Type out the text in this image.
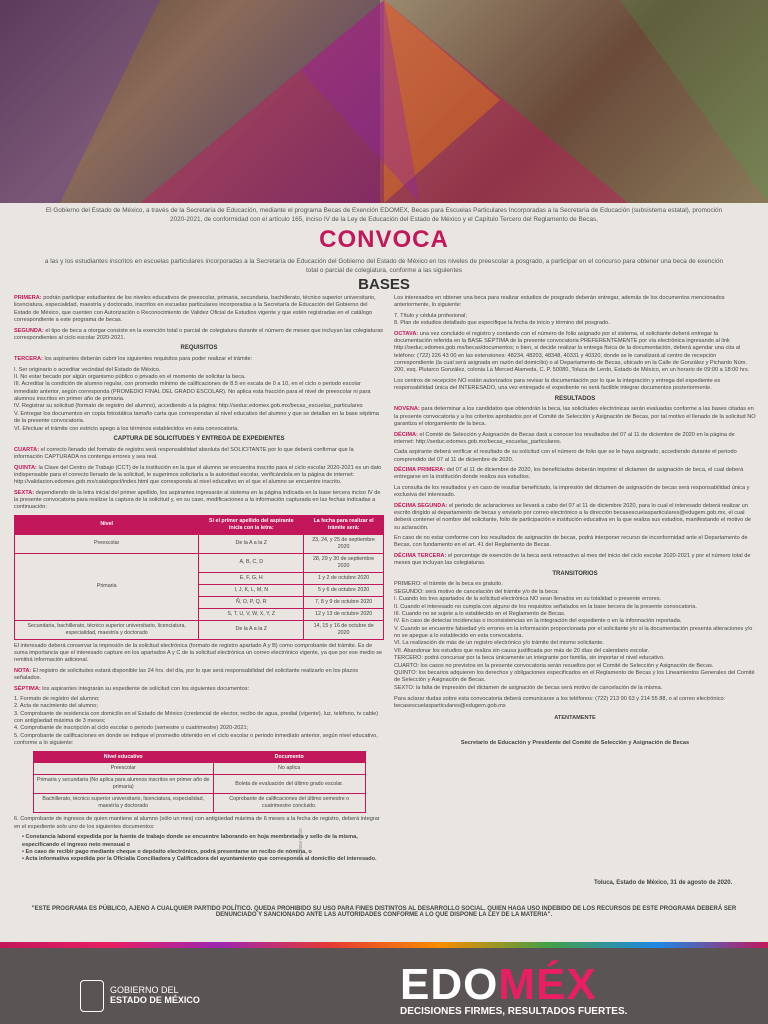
El Gobierno del Estado de México, a través de la Secretaría de Educación, mediante el programa Becas de Exención EDOMEX, Becas para Escuelas Particulares Incorporadas a la Secretaría de Educación (subsistema estatal), promoción 2020-2021, de conformidad con el artículo 165, inciso IV de la Ley de Educación del Estado de México y el Capítulo Tercero del Reglamento de Becas,
CONVOCA
a las y los estudiantes inscritos en escuelas particulares incorporadas a la Secretaría de Educación del Gobierno del Estado de México en los niveles de preescolar a posgrado, a participar en el concurso para obtener una beca de exención total o parcial de colegiatura, conforme a las siguientes
BASES

PRIMERA: podrán participar estudiantes de los niveles educativos de preescolar, primaria, secundaria, bachillerato, técnico superior universitario, licenciatura, especialidad, maestría y doctorado, inscritos en escuelas particulares incorporadas a la Secretaría de Educación del Gobierno del Estado de México, que cuenten con Autorización o Reconocimiento de Validez Oficial de Estudios vigente y que estén registradas en el catálogo correspondiente a este programa de becas.

SEGUNDA: el tipo de beca a otorgar consiste en la exención total o parcial de colegiatura durante el número de meses que incluyan las colegiaturas correspondientes al ciclo escolar 2020-2021.

REQUISITOS

TERCERA: los aspirantes deberán cubrir los siguientes requisitos para poder realizar el trámite:

I. Ser originario o acreditar vecindad del Estado de México.
II. No estar becado por algún organismo público o privado en el momento de solicitar la beca.
III. Acreditar la condición de alumno regular, con promedio mínimo de calificaciones de 8.5 en escala de 0 a 10, en el ciclo o periodo escolar inmediato anterior, según corresponda (PROMEDIO FINAL DEL GRADO ESCOLAR). No aplica esta fracción para el nivel de preescolar ni para alumnos inscritos en primer año de primaria.
IV. Registrar su solicitud (formato de registro del alumno), accediendo a la página: http://seduc.edomex.gob.mx/becas_escuelas_particulares
V. Entregar los documentos en copia fotostática tamaño carta que correspondan al nivel educativo del alumno y que se detallan en la base séptima de la presente convocatoria.
VI. Efectuar el trámite con estricto apego a los términos establecidos en esta convocatoria.
CAPTURA DE SOLICITUDES Y ENTREGA DE EXPEDIENTES

CUARTA: el correcto llenado del formato de registro será responsabilidad absoluta del SOLICITANTE por lo que deberá confirmar que la información CAPTURADA no contenga errores y sea real.

QUINTA: la Clave del Centro de Trabajo (CCT) de la institución en la que el alumno se encuentra inscrito para el ciclo escolar 2020-2021 es un dato indispensable para el correcto llenado de la solicitud, le sugerimos solicitarla a la autoridad escolar, verificándola en la página de internet: http://validacion.edomex.gob.mx/catalogoct/index.html que corresponda al nivel educativo en el que el alumno se encuentre inscrito.

SEXTA: dependiendo de la letra inicial del primer apellido, los aspirantes ingresarán al sistema en la página indicada en la base tercera inciso IV de la presente convocatoria para realizar la captura de la solicitud y, en su caso, modificaciones a la información capturada en las fechas indicadas a continuación:

Nivel	Si el primer apellido del aspirante inicia con la letra:	La fecha para realizar el trámite será:
Preescolar	De la A a la Z	23, 24, y 25 de septiembre 2020
Primaria	A, B, C, D	28, 29 y 30 de septiembre 2020
	E, F, G, H	1 y 2 de octubre 2020
	I, J, K, L, M, N	5 y 6 de octubre 2020
	Ñ, O, P, Q, R	7, 8 y 9 de octubre 2020
	S, T, U, V, W, X, Y, Z	12 y 13 de octubre 2020
Secundaria, bachillerato, técnico superior universitario, licenciatura, especialidad, maestría y doctorado	De la A a la Z	14, 15 y 16 de octubre de 2020

El interesado deberá conservar la impresión de la solicitud electrónica (formato de registro apartado A y B) como comprobante del trámite. Es de suma importancia que el interesado capture en los apartados A y C de la solicitud electrónica un correo electrónico vigente, ya que por ese medio se remitirá información adicional.

NOTA: El registro de solicitudes estará disponible las 24 hrs. del día, por lo que será responsabilidad del solicitante realizarlo en los plazos señalados.

SÉPTIMA: los aspirantes integrarán su expediente de solicitud con los siguientes documentos:

1. Formato de registro del alumno;
2. Acta de nacimiento del alumno;
3. Comprobante de residencia con domicilio en el Estado de México (credencial de elector, recibo de agua, predial (vigente), luz, teléfono, tv cable) con antigüedad máxima de 3 meses;
4. Comprobante de inscripción al ciclo escolar o periodo (semestre o cuatrimestre) 2020-2021;
5. Comprobante de calificaciones en donde se indique el promedio obtenido en el ciclo escolar o periodo inmediato anterior, según nivel educativo, conforme a lo siguiente:
Nivel educativo	Documento
Preescolar	No aplica
Primaria y secundaria (No aplica para alumnos inscritos en primer año de primaria)	Boleta de evaluación del último grado escolar.
Bachillerato, técnico superior universitario, licenciatura, especialidad, maestría y doctorado	Coprobante de calificaciones del último semestre o cuatrimestre concluido.

6. Comprobante de ingresos de quien mantiene al alumno (sólo un mes) con antigüedad máxima de 6 meses a la fecha de registro, deberá integrar en el expediente solo uno de los siguientes documentos:

• Constancia laboral expedida por la fuente de trabajo donde se encuentre laborando en hoja membretada y sello de la misma, especificando el ingreso neto mensual o
• En caso de recibir pago mediante cheque o depósito electrónico, podrá presentarse un recibo de nómina, o
• Acta informativa expedida por la Oficialía Conciliadora y Calificadora del ayuntamiento que corresponda al domicilio del interesado.

Los interesados en obtener una beca para realizar estudios de posgrado deberán entregar, además de los documentos mencionados anteriormente, lo siguiente:

7. Título y cédula profesional;

8. Plan de estudios detallado que especifique la fecha de inicio y término del posgrado.

OCTAVA: una vez concluido el registro y contando con el número de folio asignado por el sistema, el solicitante deberá entregar la documentación referida en la BASE SÉPTIMA de la presente convocatoria PREFERENTEMENTE por vía electrónica ingresando al link http://seduc.edomex.gob.mx/becas/documentos; o bien, si decide realizar la entrega física de la documentación, deberá agendar una cita al teléfono: (722) 226 43 00 en las extensiones: 48234, 48203, 48348, 40331 y 40320, donde se le canalizará al centro de recepción correspondiente (la cual será asignada en razón del domicilio) o al Departamento de Becas, ubicado en la Calle de González y Pichardo Núm. 200, esq. Plutarco González, colonia La Merced Alameda, C. P. 50080, Toluca de Lerdo, Estado de México, en un horario de 09:00 a 18:00 hrs.

Los centros de recepción NO están autorizados para revisar la documentación por lo que la integración y entrega del expediente es responsabilidad única del INTERESADO, una vez entregado el expediente no será factible integrar documentos posteriormente.

RESULTADOS

NOVENA: para determinar a los candidatos que obtendrán la beca, las solicitudes electrónicas serán evaluadas conforme a las bases citadas en la presente convocatoria y a los criterios aprobados por el Comité de Selección y Asignación de Becas, por tal motivo el llenado de la solicitud NO garantiza el otorgamiento de la beca.

DÉCIMA: el Comité de Selección y Asignación de Becas dará a conocer los resultados del 07 al 11 de diciembre de 2020 en la página de internet: http://seduc.edomex.gob.mx/becas_escuelas_particulares.

Cada aspirante deberá verificar el resultado de su solicitud con el número de folio que se le haya asignado, accediendo durante el periodo comprendido del 07 al 11 de diciembre de 2020.

DÉCIMA PRIMERA: del 07 al 11 de diciembre de 2020, los beneficiados deberán imprimir el dictamen de asignación de beca, el cual deberá entregarse en la institución donde realiza sus estudios.

La consulta de los resultados y en caso de resultar beneficiado, la impresión del dictamen de asignación de becas será responsabilidad única y exclusiva del interesado.

DÉCIMA SEGUNDA: el periodo de aclaraciones se llevará a cabo del 07 al 11 de diciembre 2020, para lo cual el interesado deberá realizar un escrito dirigido al departamento de becas y enviarlo por correo electrónico a la dirección becasescuelasparticulares@edugem.gob.mx, el cual deberá contener el nombre del solicitante, folio de participación e institución educativa en la que realiza sus estudios, manifestando el motivo de su aclaración.

En caso de no estar conforme con los resultados de asignación de becas, podrá interponer recurso de inconformidad ante el Departamento de Becas, con fundamento en el art. 41 del Reglamento de Becas.

DÉCIMA TERCERA: el porcentaje de exención de la beca será retroactivo al mes del inicio del ciclo escolar 2020-2021 y por el número total de meses que incluyan las colegiaturas.

TRANSITORIOS
PRIMERO: el trámite de la beca es gratuito.
SEGUNDO: será motivo de cancelación del trámite y/o de la beca:
I. Cuando los tres apartados de la solicitud electrónica NO sean llenados en su totalidad o presente errores.
II. Cuando el interesado no cumpla con alguno de los requisitos señalados en la base tercera de la presente convocatoria.
III. Cuando no se sujete a lo establecido en el Reglamento de Becas.
IV. En caso de detectar incidencias o inconsistencias en la integración del expediente o en la información reportada.
V. Cuando se encuentre falsedad y/o errores en la información proporcionada por el solicitante y/o si la documentación presenta alteraciones y/o no se apegue a lo establecido en esta convocatoria.
VI. La realización de más de un registro electrónico y/o trámite del mismo solicitante.
VII. Abandonar los estudios que realiza sin causa justificada por más de 20 días del calendario escolar.
TERCERO: podrá concursar por la beca únicamente un integrante por familia, sin importar el nivel educativo.
CUARTO: los casos no previstos en la presente convocatoria serán resueltos por el Comité de Selección y Asignación de Becas.
QUINTO: los becarios adquieren los derechos y obligaciones especificados en el Reglamento de Becas y los Lineamientos Generales del Comité de Selección y Asignación de Becas.
SEXTO: la falta de impresión del dictamen de asignación de becas será motivo de cancelación de la misma.

Para aclarar dudas sobre esta convocatoria deberá comunicarse a los teléfonos: (722) 213 90 63 y 214 55 88, o al correo electrónico: becasescuelasparticulares@edugem.gob.mx

ATENTAMENTE
Secretario de Educación y Presidente del Comité de Selección y Asignación de Becas
GL 3056 09/20
Toluca, Estado de México, 31 de agosto de 2020.
"ESTE PROGRAMA ES PÚBLICO, AJENO A CUALQUIER PARTIDO POLÍTICO. QUEDA PROHIBIDO SU USO PARA FINES DISTINTOS AL DESARROLLO SOCIAL. QUIEN HAGA USO INDEBIDO DE LOS RECURSOS DE ESTE PROGRAMA DEBERÁ SER DENUNCIADO Y SANCIONADO ANTE LAS AUTORIDADES CONFORME A LO QUE DISPONE LA LEY DE LA MATERIA".
GOBIERNO DEL
ESTADO DE MÉXICO	EDOMÉX
DECISIONES FIRMES, RESULTADOS FUERTES.
